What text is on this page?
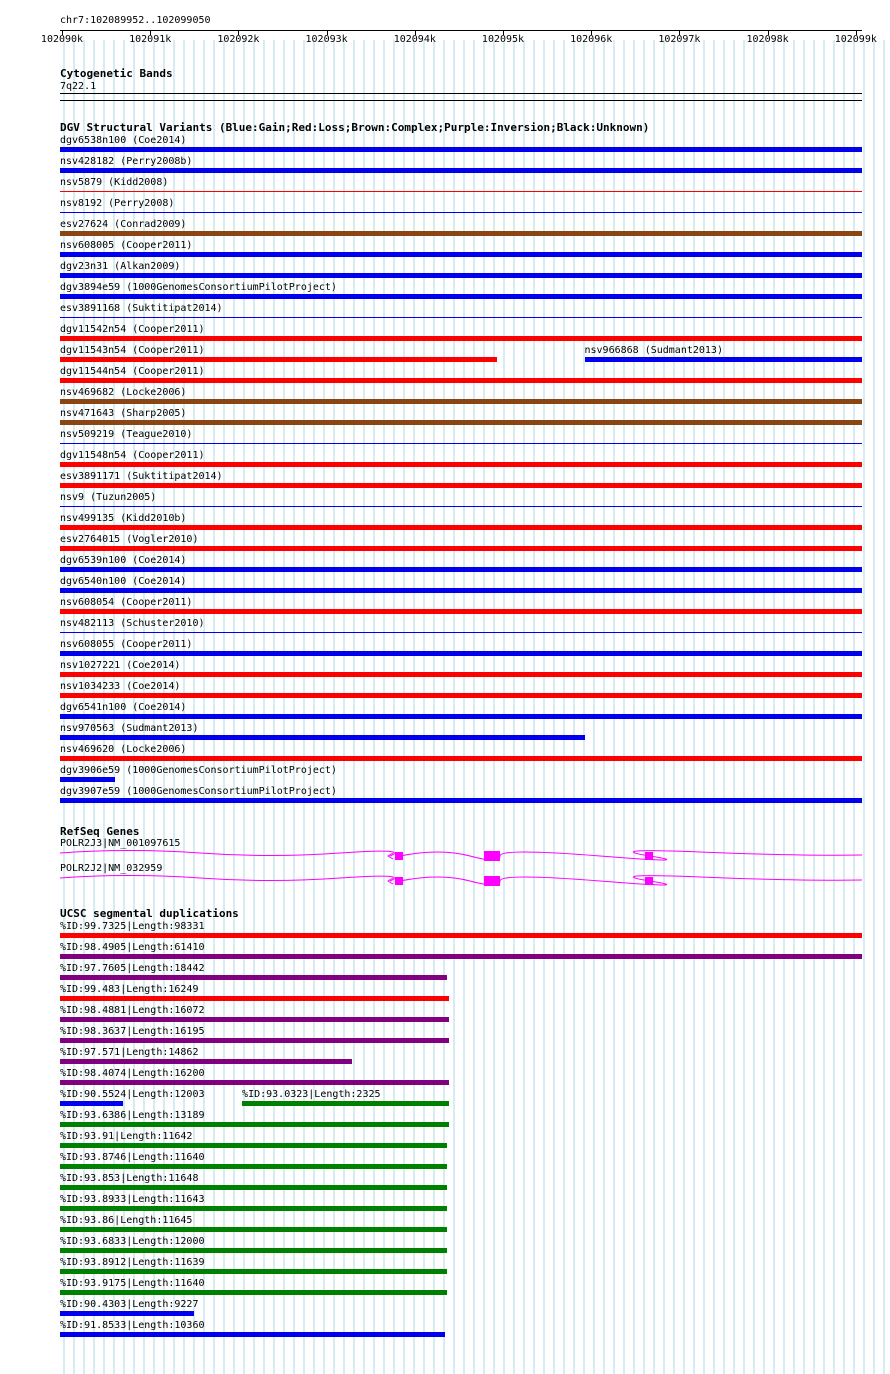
chr7:102089952..102099050
102090k	102091k	102092k	102093k	102094k	102095k	102096k	102097k	102098k	102099k
Cytogenetic Bands
7q22.1
DGV Structural Variants (Blue:Gain;Red:Loss;Brown:Complex;Purple:Inversion;Black:Unknown)
dgv6538n100 (Coe2014)
nsv428182 (Perry2008b)
nsv5879 (Kidd2008)
nsv8192 (Perry2008)
esv27624 (Conrad2009)
nsv608005 (Cooper2011)
dgv23n31 (Alkan2009)
dgv3894e59 (1000GenomesConsortiumPilotProject)
esv3891168 (Suktitipat2014)
dgv11542n54 (Cooper2011)
dgv11543n54 (Cooper2011)	nsv966868 (Sudmant2013)
dgv11544n54 (Cooper2011)
nsv469682 (Locke2006)
nsv471643 (Sharp2005)
nsv509219 (Teague2010)
dgv11548n54 (Cooper2011)
esv3891171 (Suktitipat2014)
nsv9 (Tuzun2005)
nsv499135 (Kidd2010b)
esv2764015 (Vogler2010)
dgv6539n100 (Coe2014)
dgv6540n100 (Coe2014)
nsv608054 (Cooper2011)
nsv482113 (Schuster2010)
nsv608055 (Cooper2011)
nsv1027221 (Coe2014)
nsv1034233 (Coe2014)
dgv6541n100 (Coe2014)
nsv970563 (Sudmant2013)
nsv469620 (Locke2006)
dgv3906e59 (1000GenomesConsortiumPilotProject)
dgv3907e59 (1000GenomesConsortiumPilotProject)
RefSeq Genes
POLR2J3|NM_001097615
POLR2J2|NM_032959
UCSC segmental duplications
%ID:99.7325|Length:98331
%ID:98.4905|Length:61410
%ID:97.7605|Length:18442
%ID:99.483|Length:16249
%ID:98.4881|Length:16072
%ID:98.3637|Length:16195
%ID:97.571|Length:14862
%ID:98.4074|Length:16200
%ID:90.5524|Length:12003	%ID:93.0323|Length:2325
%ID:93.6386|Length:13189
%ID:93.91|Length:11642
%ID:93.8746|Length:11640
%ID:93.853|Length:11648
%ID:93.8933|Length:11643
%ID:93.86|Length:11645
%ID:93.6833|Length:12000
%ID:93.8912|Length:11639
%ID:93.9175|Length:11640
%ID:90.4303|Length:9227
%ID:91.8533|Length:10360
